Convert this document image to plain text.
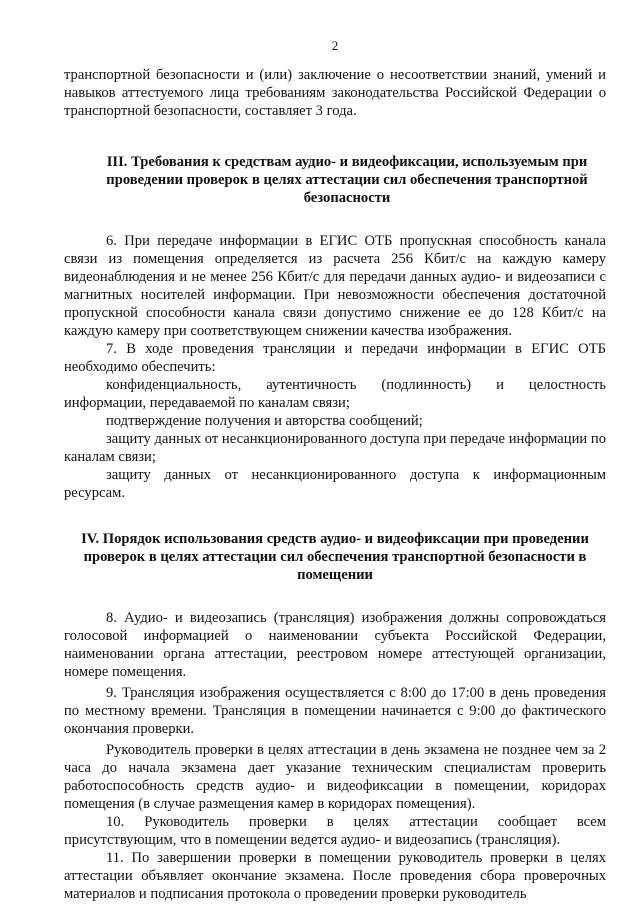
2

транспортной безопасности и (или) заключение о несоответствии знаний, умений и навыков аттестуемого лица требованиям законодательства Российской Федерации о транспортной безопасности, составляет 3 года.

III. Требования к средствам аудио- и видеофиксации, используемым при проведении проверок в целях аттестации сил обеспечения транспортной безопасности

6. При передаче информации в ЕГИС ОТБ пропускная способность канала связи из помещения определяется из расчета 256 Кбит/с на каждую камеру видеонаблюдения и не менее 256 Кбит/с для передачи данных аудио- и видеозаписи с магнитных носителей информации. При невозможности обеспечения достаточной пропускной способности канала связи допустимо снижение ее до 128 Кбит/с на каждую камеру при соответствующем снижении качества изображения.

7. В ходе проведения трансляции и передачи информации в ЕГИС ОТБ необходимо обеспечить:

конфиденциальность, аутентичность (подлинность) и целостность информации, передаваемой по каналам связи;

подтверждение получения и авторства сообщений;

защиту данных от несанкционированного доступа при передаче информации по каналам связи;

защиту данных от несанкционированного доступа к информационным ресурсам.

IV. Порядок использования средств аудио- и видеофиксации при проведении проверок в целях аттестации сил обеспечения транспортной безопасности в помещении

8. Аудио- и видеозапись (трансляция) изображения должны сопровождаться голосовой информацией о наименовании субъекта Российской Федерации, наименовании органа аттестации, реестровом номере аттестующей организации, номере помещения.

9. Трансляция изображения осуществляется с 8:00 до 17:00 в день проведения по местному времени. Трансляция в помещении начинается с 9:00 до фактического окончания проверки.

Руководитель проверки в целях аттестации в день экзамена не позднее чем за 2 часа до начала экзамена дает указание техническим специалистам проверить работоспособность средств аудио- и видеофиксации в помещении, коридорах помещения (в случае размещения камер в коридорах помещения).

10. Руководитель проверки в целях аттестации сообщает всем присутствующим, что в помещении ведется аудио- и видеозапись (трансляция).

11. По завершении проверки в помещении руководитель проверки в целях аттестации объявляет окончание экзамена. После проведения сбора проверочных материалов и подписания протокола о проведении проверки руководитель
